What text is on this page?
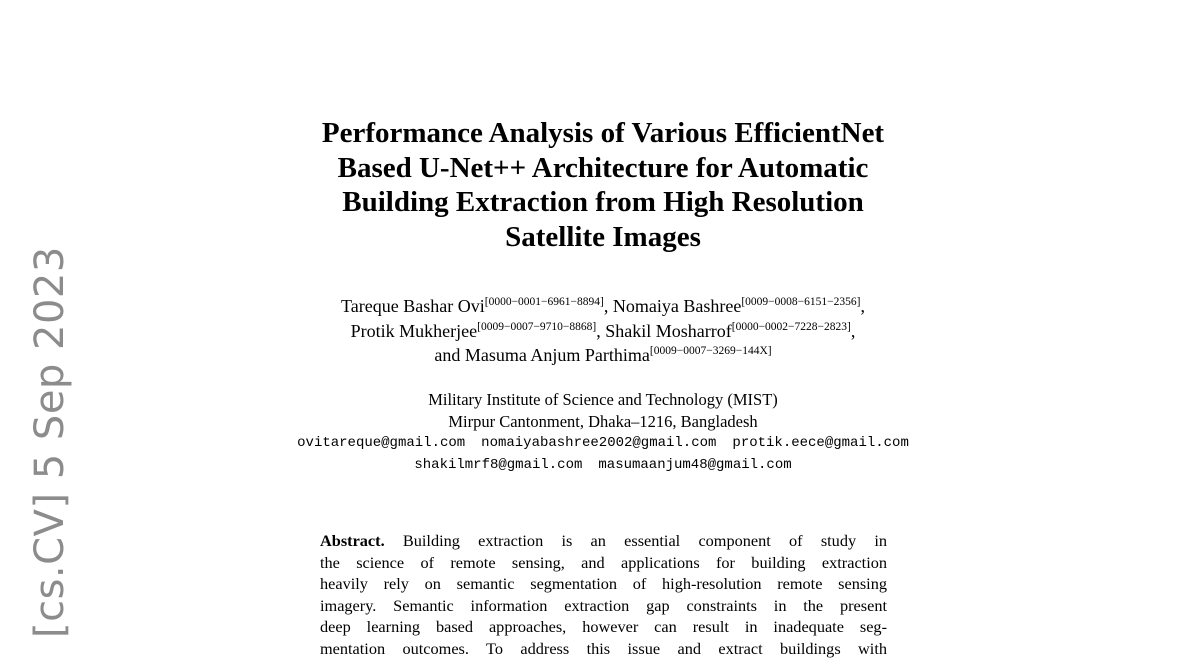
[cs.CV] 5 Sep 2023
Performance Analysis of Various EfficientNet
Based U-Net++ Architecture for Automatic
Building Extraction from High Resolution
Satellite Images
Tareque Bashar Ovi[0000−0001−6961−8894], Nomaiya Bashree[0009−0008−6151−2356],
Protik Mukherjee[0009−0007−9710−8868], Shakil Mosharrof[0000−0002−7228−2823],
and Masuma Anjum Parthima[0009−0007−3269−144X]
Military Institute of Science and Technology (MIST)
Mirpur Cantonment, Dhaka–1216, Bangladesh
ovitareque@gmail.com nomaiyabashree2002@gmail.com protik.eece@gmail.com
shakilmrf8@gmail.com masumaanjum48@gmail.com
Abstract. Building extraction is an essential component of study in
the science of remote sensing, and applications for building extraction
heavily rely on semantic segmentation of high-resolution remote sensing
imagery. Semantic information extraction gap constraints in the present
deep learning based approaches, however can result in inadequate seg-
mentation outcomes. To address this issue and extract buildings with
